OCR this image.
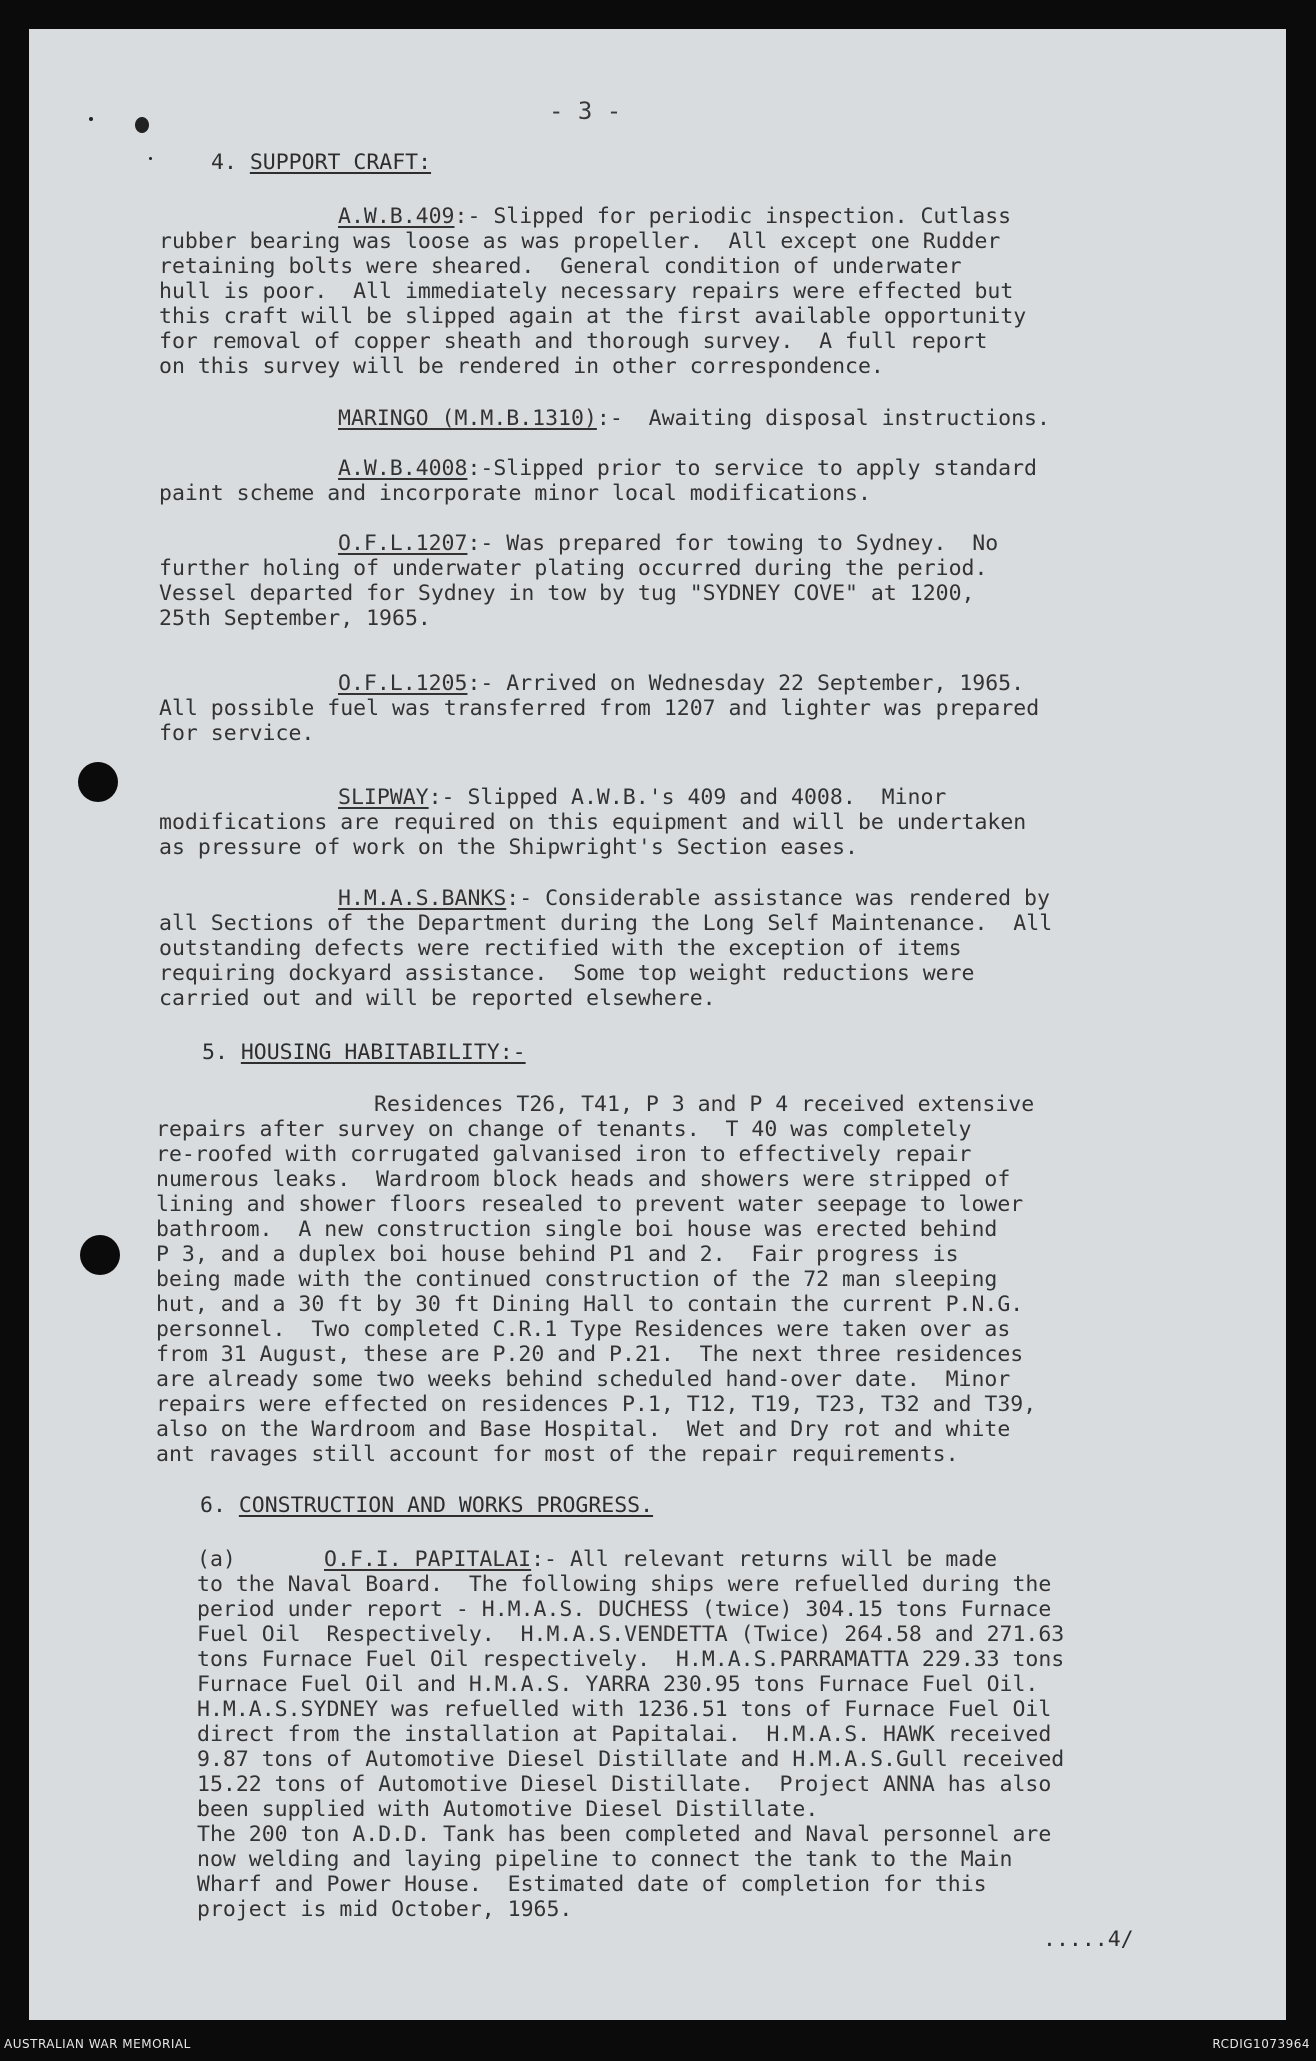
- 3 -
4. SUPPORT CRAFT:
A.W.B.409:- Slipped for periodic inspection. Cutlass
rubber bearing was loose as was propeller.  All except one Rudder
retaining bolts were sheared.  General condition of underwater
hull is poor.  All immediately necessary repairs were effected but
this craft will be slipped again at the first available opportunity
for removal of copper sheath and thorough survey.  A full report
on this survey will be rendered in other correspondence.
MARINGO (M.M.B.1310):-  Awaiting disposal instructions.
A.W.B.4008:-Slipped prior to service to apply standard
paint scheme and incorporate minor local modifications.
O.F.L.1207:- Was prepared for towing to Sydney.  No
further holing of underwater plating occurred during the period.
Vessel departed for Sydney in tow by tug "SYDNEY COVE" at 1200,
25th September, 1965.
O.F.L.1205:- Arrived on Wednesday 22 September, 1965.
All possible fuel was transferred from 1207 and lighter was prepared
for service.
SLIPWAY:- Slipped A.W.B.'s 409 and 4008.  Minor
modifications are required on this equipment and will be undertaken
as pressure of work on the Shipwright's Section eases.
H.M.A.S.BANKS:- Considerable assistance was rendered by
all Sections of the Department during the Long Self Maintenance.  All
outstanding defects were rectified with the exception of items
requiring dockyard assistance.  Some top weight reductions were
carried out and will be reported elsewhere.
5. HOUSING HABITABILITY:-
Residences T26, T41, P 3 and P 4 received extensive
repairs after survey on change of tenants.  T 40 was completely
re-roofed with corrugated galvanised iron to effectively repair
numerous leaks.  Wardroom block heads and showers were stripped of
lining and shower floors resealed to prevent water seepage to lower
bathroom.  A new construction single boi house was erected behind
P 3, and a duplex boi house behind P1 and 2.  Fair progress is
being made with the continued construction of the 72 man sleeping
hut, and a 30 ft by 30 ft Dining Hall to contain the current P.N.G.
personnel.  Two completed C.R.1 Type Residences were taken over as
from 31 August, these are P.20 and P.21.  The next three residences
are already some two weeks behind scheduled hand-over date.  Minor
repairs were effected on residences P.1, T12, T19, T23, T32 and T39,
also on the Wardroom and Base Hospital.  Wet and Dry rot and white
ant ravages still account for most of the repair requirements.
6. CONSTRUCTION AND WORKS PROGRESS.
(a)	O.F.I. PAPITALAI:- All relevant returns will be made
to the Naval Board.  The following ships were refuelled during the
period under report - H.M.A.S. DUCHESS (twice) 304.15 tons Furnace
Fuel Oil  Respectively.  H.M.A.S.VENDETTA (Twice) 264.58 and 271.63
tons Furnace Fuel Oil respectively.  H.M.A.S.PARRAMATTA 229.33 tons
Furnace Fuel Oil and H.M.A.S. YARRA 230.95 tons Furnace Fuel Oil.
H.M.A.S.SYDNEY was refuelled with 1236.51 tons of Furnace Fuel Oil
direct from the installation at Papitalai.  H.M.A.S. HAWK received
9.87 tons of Automotive Diesel Distillate and H.M.A.S.Gull received
15.22 tons of Automotive Diesel Distillate.  Project ANNA has also
been supplied with Automotive Diesel Distillate.
The 200 ton A.D.D. Tank has been completed and Naval personnel are
now welding and laying pipeline to connect the tank to the Main
Wharf and Power House.  Estimated date of completion for this
project is mid October, 1965.
.....4/
AUSTRALIAN WAR MEMORIAL	RCDIG1073964
